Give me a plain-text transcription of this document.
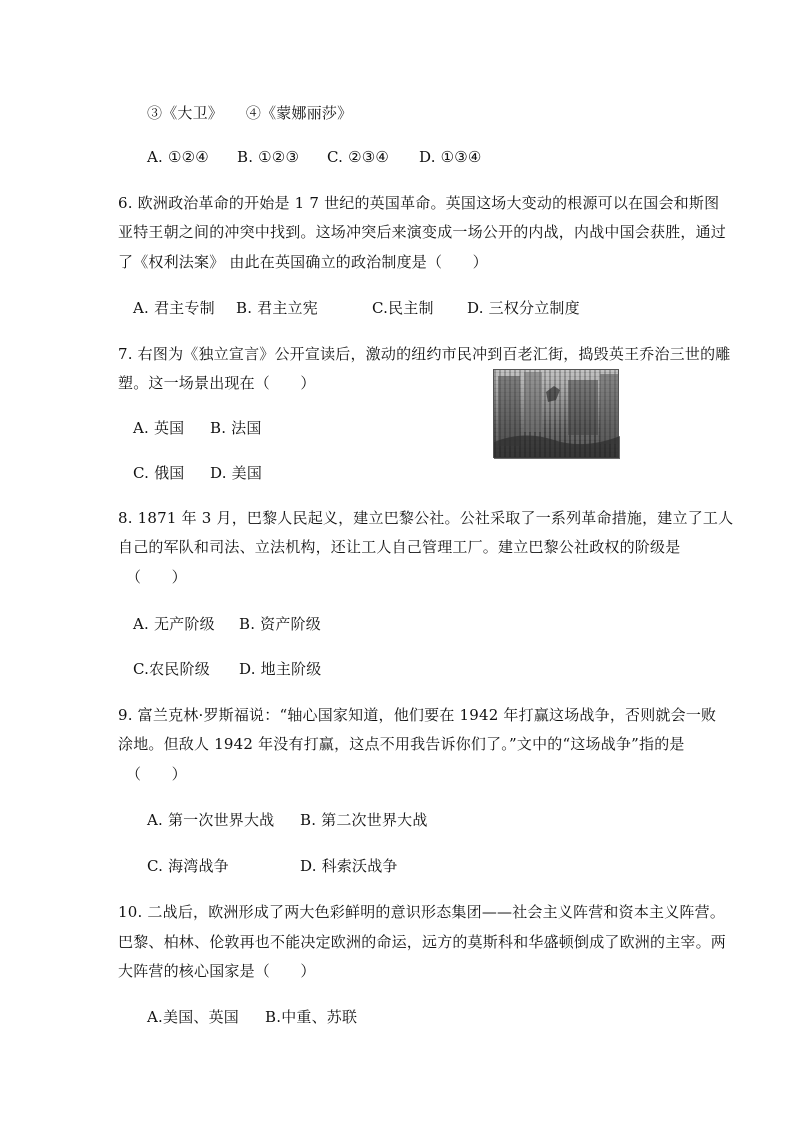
③《大卫》　　④《蒙娜丽莎》
A. ①②④ B. ①②③ C. ②③④ D. ①③④
6. 欧洲政治革命的开始是 1 7 世纪的英国革命。英国这场大变动的根源可以在国会和斯图
亚特王朝之间的冲突中找到。这场冲突后来演变成一场公开的内战，内战中国会获胜，通过
了《权利法案》 由此在英国确立的政治制度是（　　）
A. 君主专制 B. 君主立宪	C.民主制 D. 三权分立制度
7. 右图为《独立宣言》公开宣读后，激动的纽约市民冲到百老汇街，捣毁英王乔治三世的雕
塑。这一场景出现在（　　）
A. 英国 B. 法国
C. 俄国 D. 美国
8. 1871 年 3 月，巴黎人民起义，建立巴黎公社。公社采取了一系列革命措施，建立了工人
自己的军队和司法、立法机构，还让工人自己管理工厂。建立巴黎公社政权的阶级是
（　　）
A. 无产阶级 B. 资产阶级
C.农民阶级 D. 地主阶级
9. 富兰克林·罗斯福说：“轴心国家知道，他们要在 1942 年打赢这场战争，否则就会一败
涂地。但敌人 1942 年没有打赢，这点不用我告诉你们了。”文中的“这场战争”指的是
（　　）
A. 第一次世界大战 B. 第二次世界大战
C. 海湾战争	D. 科索沃战争
10. 二战后，欧洲形成了两大色彩鲜明的意识形态集团——社会主义阵营和资本主义阵营。
巴黎、柏林、伦敦再也不能决定欧洲的命运，远方的莫斯科和华盛顿倒成了欧洲的主宰。两
大阵营的核心国家是（　　）
A.美国、英国 B.中重、苏联
